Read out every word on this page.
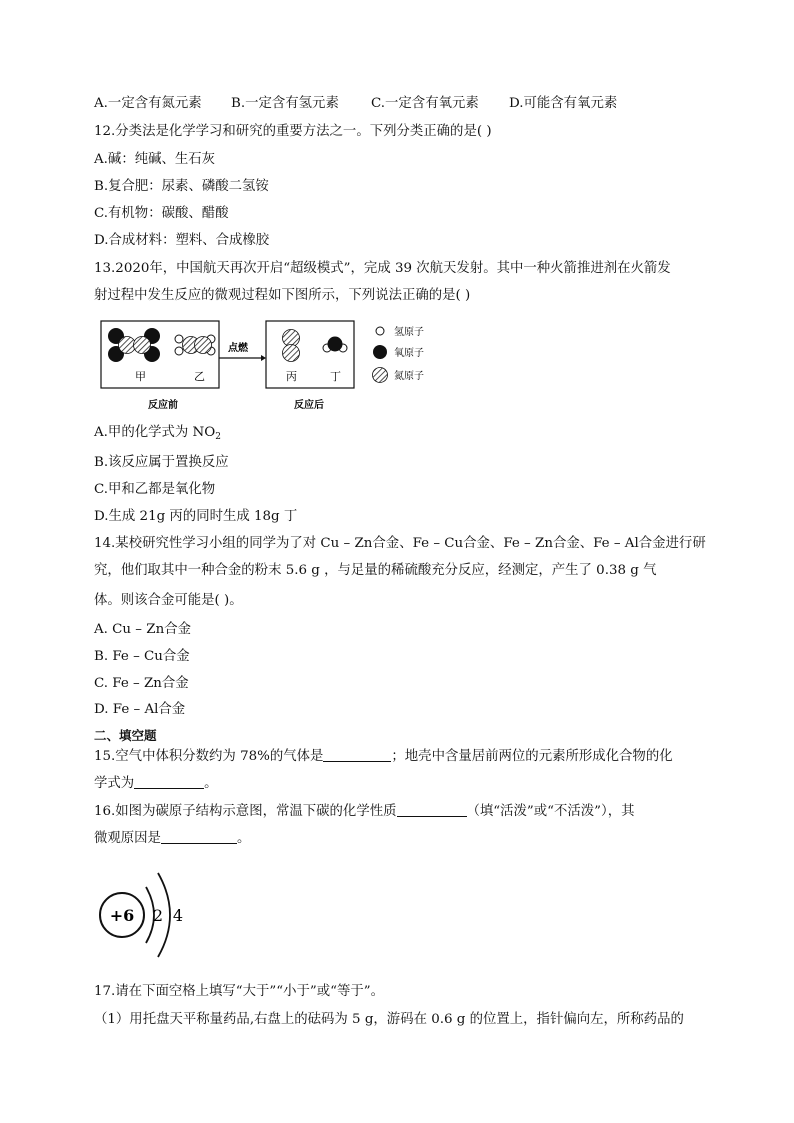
A.一定含有氮元素 B.一定含有氢元素 C.一定含有氧元素 D.可能含有氧元素
12.分类法是化学学习和研究的重要方法之一。下列分类正确的是( )
A.碱：纯碱、生石灰
B.复合肥：尿素、磷酸二氢铵
C.有机物：碳酸、醋酸
D.合成材料：塑料、合成橡胶
13.2020年，中国航天再次开启“超级模式”，完成 39 次航天发射。其中一种火箭推进剂在火箭发
射过程中发生反应的微观过程如下图所示，下列说法正确的是( )
甲	乙
点燃
丙	丁
反应前	反应后
氢原子
氧原子
氮原子
A.甲的化学式为 $NO_2$
B.该反应属于置换反应
C.甲和乙都是氧化物
D.生成 21g 丙的同时生成 18g 丁
14.某校研究性学习小组的同学为了对 Cu – Zn合金、Fe – Cu合金、Fe – Zn合金、Fe – Al合金进行研
究，他们取其中一种合金的粉末 5.6 g ，与足量的稀硫酸充分反应，经测定，产生了 0.38 g 气
体。则该合金可能是( )。
A. Cu – Zn合金
B. Fe – Cu合金
C. Fe – Zn合金
D. Fe – Al合金
二、填空题
15.空气中体积分数约为 78%的气体是	；地壳中含量居前两位的元素所形成化合物的化
学式为	。
16.如图为碳原子结构示意图，常温下碳的化学性质	（填“活泼”或“不活泼”），其
微观原因是	。
+6 2 4
17.请在下面空格上填写“大于”“小于”或“等于”。
（1）用托盘天平称量药品,右盘上的砝码为 5 g，游码在 0.6 g 的位置上，指针偏向左，所称药品的
